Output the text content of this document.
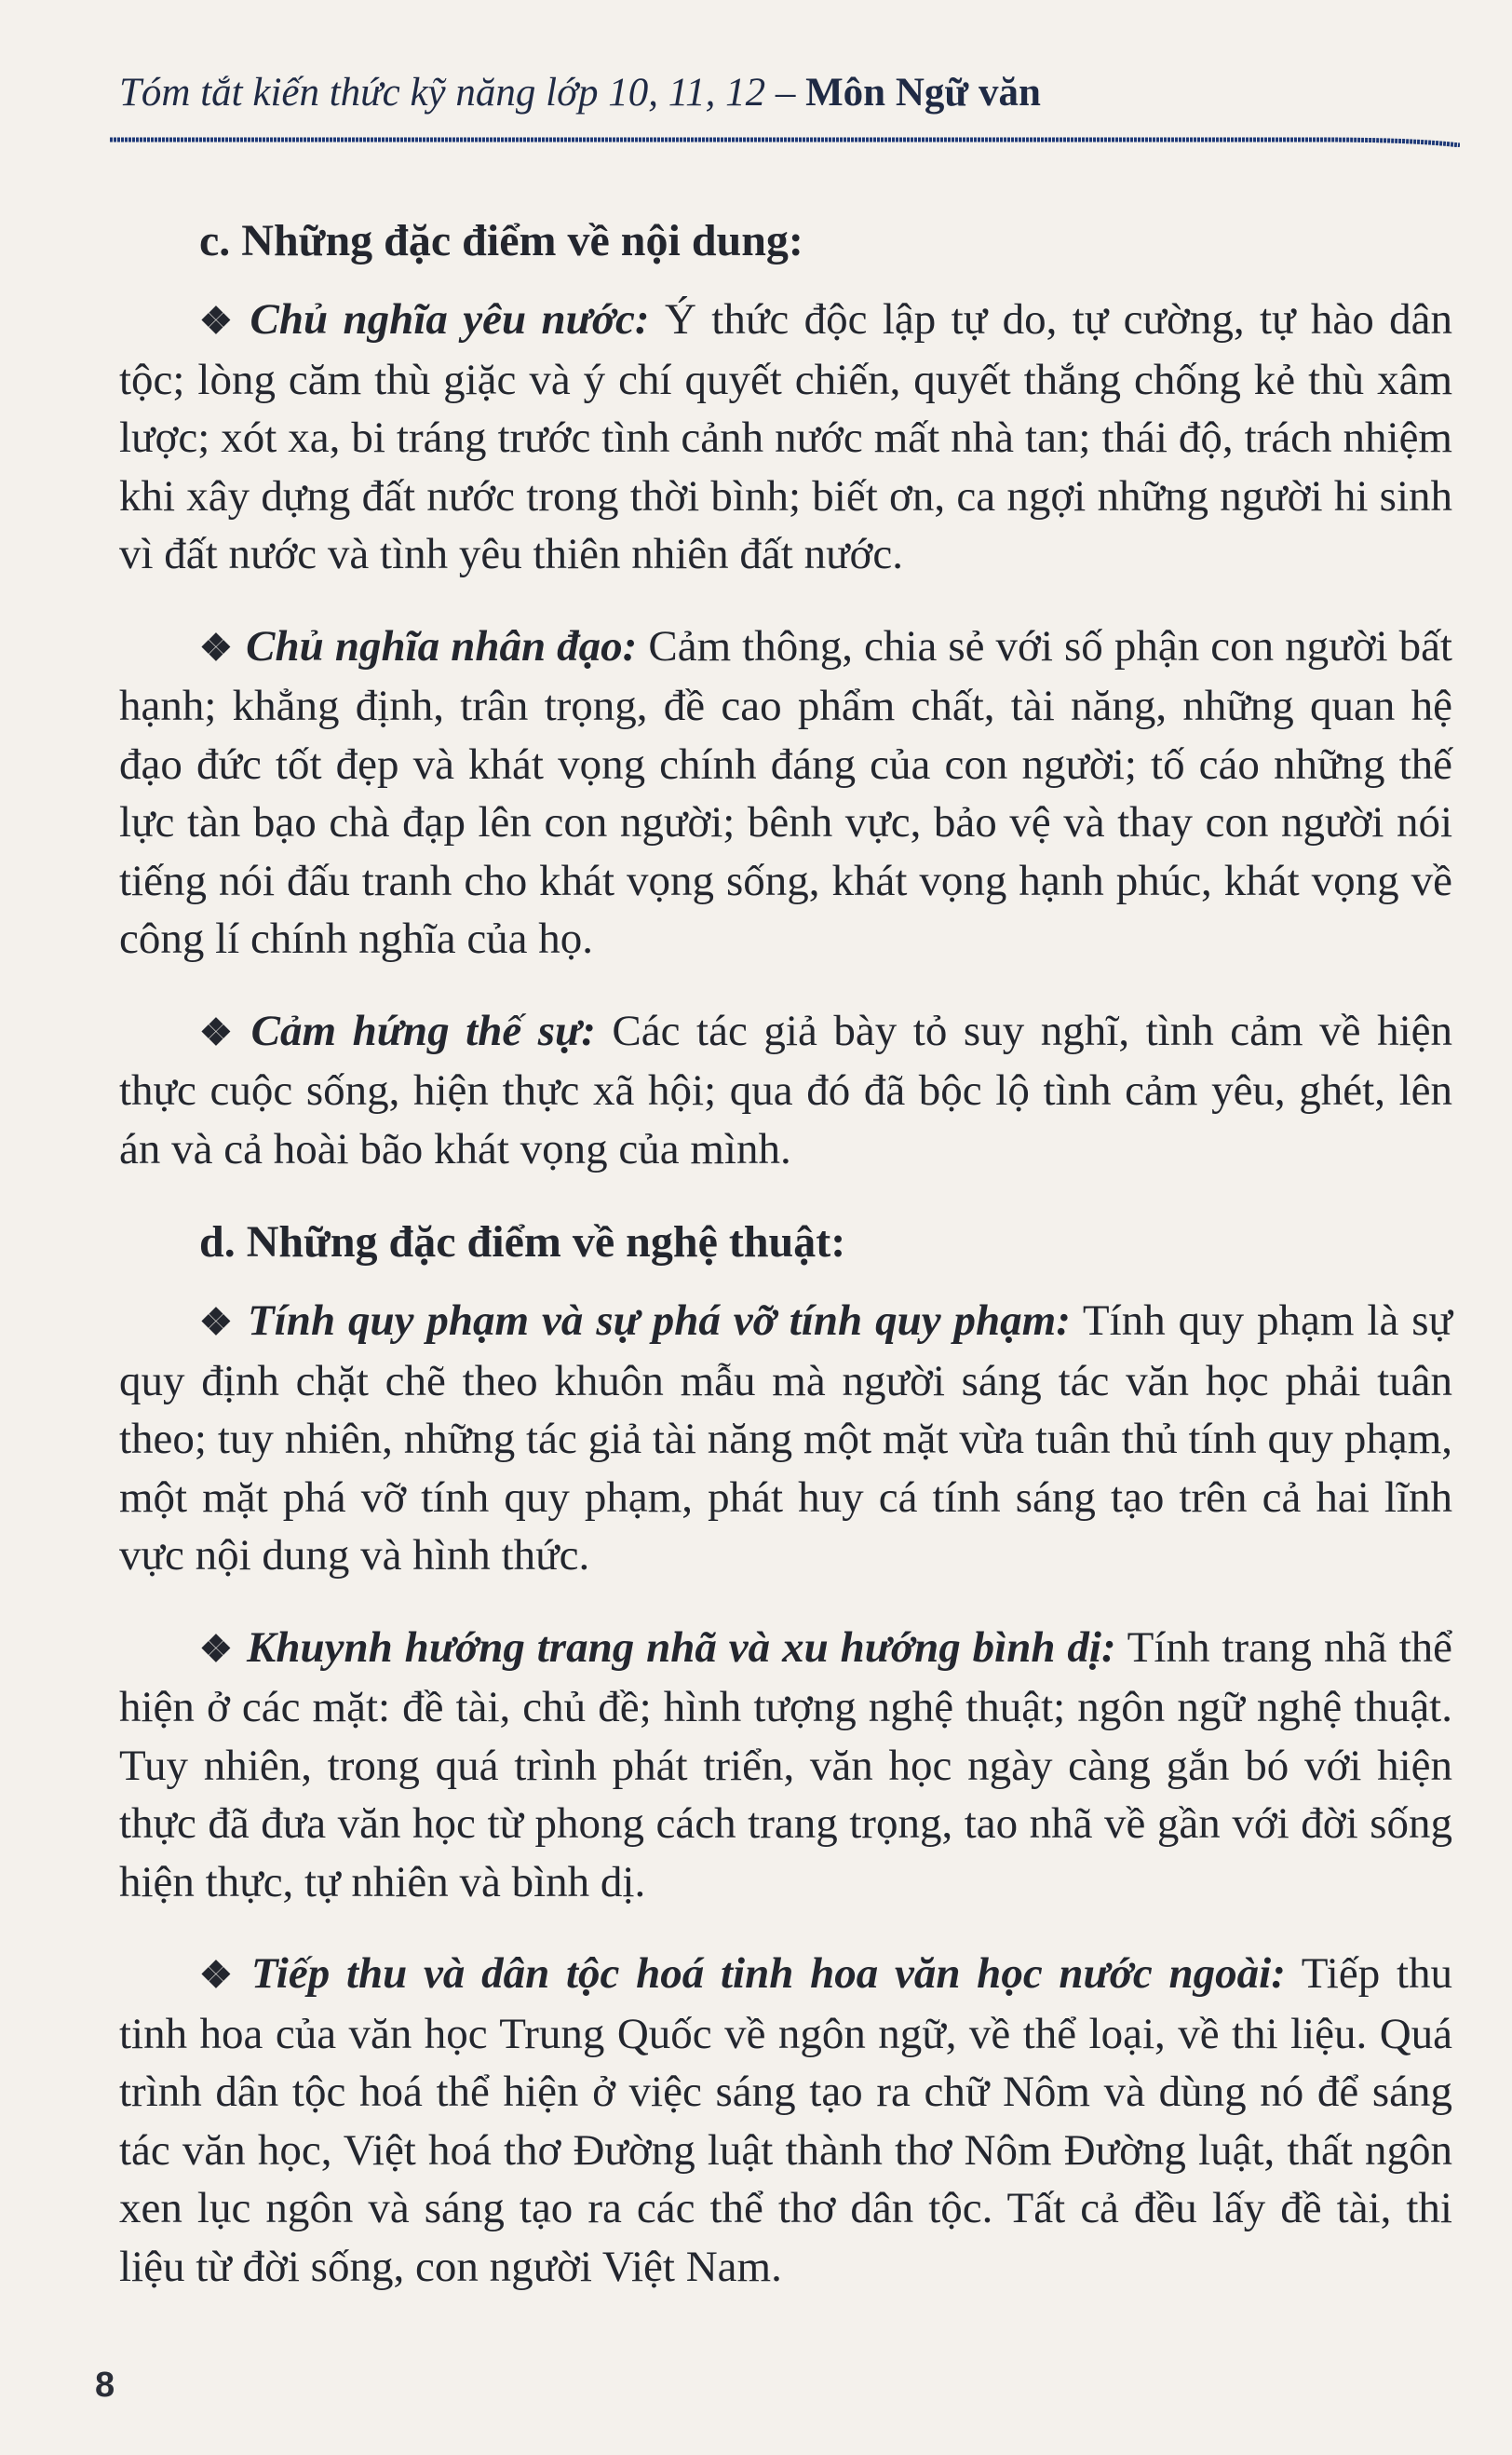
Tóm tắt kiến thức kỹ năng lớp 10, 11, 12 – Môn Ngữ văn

c. Những đặc điểm về nội dung:

❖ Chủ nghĩa yêu nước: Ý thức độc lập tự do, tự cường, tự hào dân tộc; lòng căm thù giặc và ý chí quyết chiến, quyết thắng chống kẻ thù xâm lược; xót xa, bi tráng trước tình cảnh nước mất nhà tan; thái độ, trách nhiệm khi xây dựng đất nước trong thời bình; biết ơn, ca ngợi những người hi sinh vì đất nước và tình yêu thiên nhiên đất nước.

❖ Chủ nghĩa nhân đạo: Cảm thông, chia sẻ với số phận con người bất hạnh; khẳng định, trân trọng, đề cao phẩm chất, tài năng, những quan hệ đạo đức tốt đẹp và khát vọng chính đáng của con người; tố cáo những thế lực tàn bạo chà đạp lên con người; bênh vực, bảo vệ và thay con người nói tiếng nói đấu tranh cho khát vọng sống, khát vọng hạnh phúc, khát vọng về công lí chính nghĩa của họ.

❖ Cảm hứng thế sự: Các tác giả bày tỏ suy nghĩ, tình cảm về hiện thực cuộc sống, hiện thực xã hội; qua đó đã bộc lộ tình cảm yêu, ghét, lên án và cả hoài bão khát vọng của mình.

d. Những đặc điểm về nghệ thuật:

❖ Tính quy phạm và sự phá vỡ tính quy phạm: Tính quy phạm là sự quy định chặt chẽ theo khuôn mẫu mà người sáng tác văn học phải tuân theo; tuy nhiên, những tác giả tài năng một mặt vừa tuân thủ tính quy phạm, một mặt phá vỡ tính quy phạm, phát huy cá tính sáng tạo trên cả hai lĩnh vực nội dung và hình thức.

❖ Khuynh hướng trang nhã và xu hướng bình dị: Tính trang nhã thể hiện ở các mặt: đề tài, chủ đề; hình tượng nghệ thuật; ngôn ngữ nghệ thuật. Tuy nhiên, trong quá trình phát triển, văn học ngày càng gắn bó với hiện thực đã đưa văn học từ phong cách trang trọng, tao nhã về gần với đời sống hiện thực, tự nhiên và bình dị.

❖ Tiếp thu và dân tộc hoá tinh hoa văn học nước ngoài: Tiếp thu tinh hoa của văn học Trung Quốc về ngôn ngữ, về thể loại, về thi liệu. Quá trình dân tộc hoá thể hiện ở việc sáng tạo ra chữ Nôm và dùng nó để sáng tác văn học, Việt hoá thơ Đường luật thành thơ Nôm Đường luật, thất ngôn xen lục ngôn và sáng tạo ra các thể thơ dân tộc. Tất cả đều lấy đề tài, thi liệu từ đời sống, con người Việt Nam.

8
